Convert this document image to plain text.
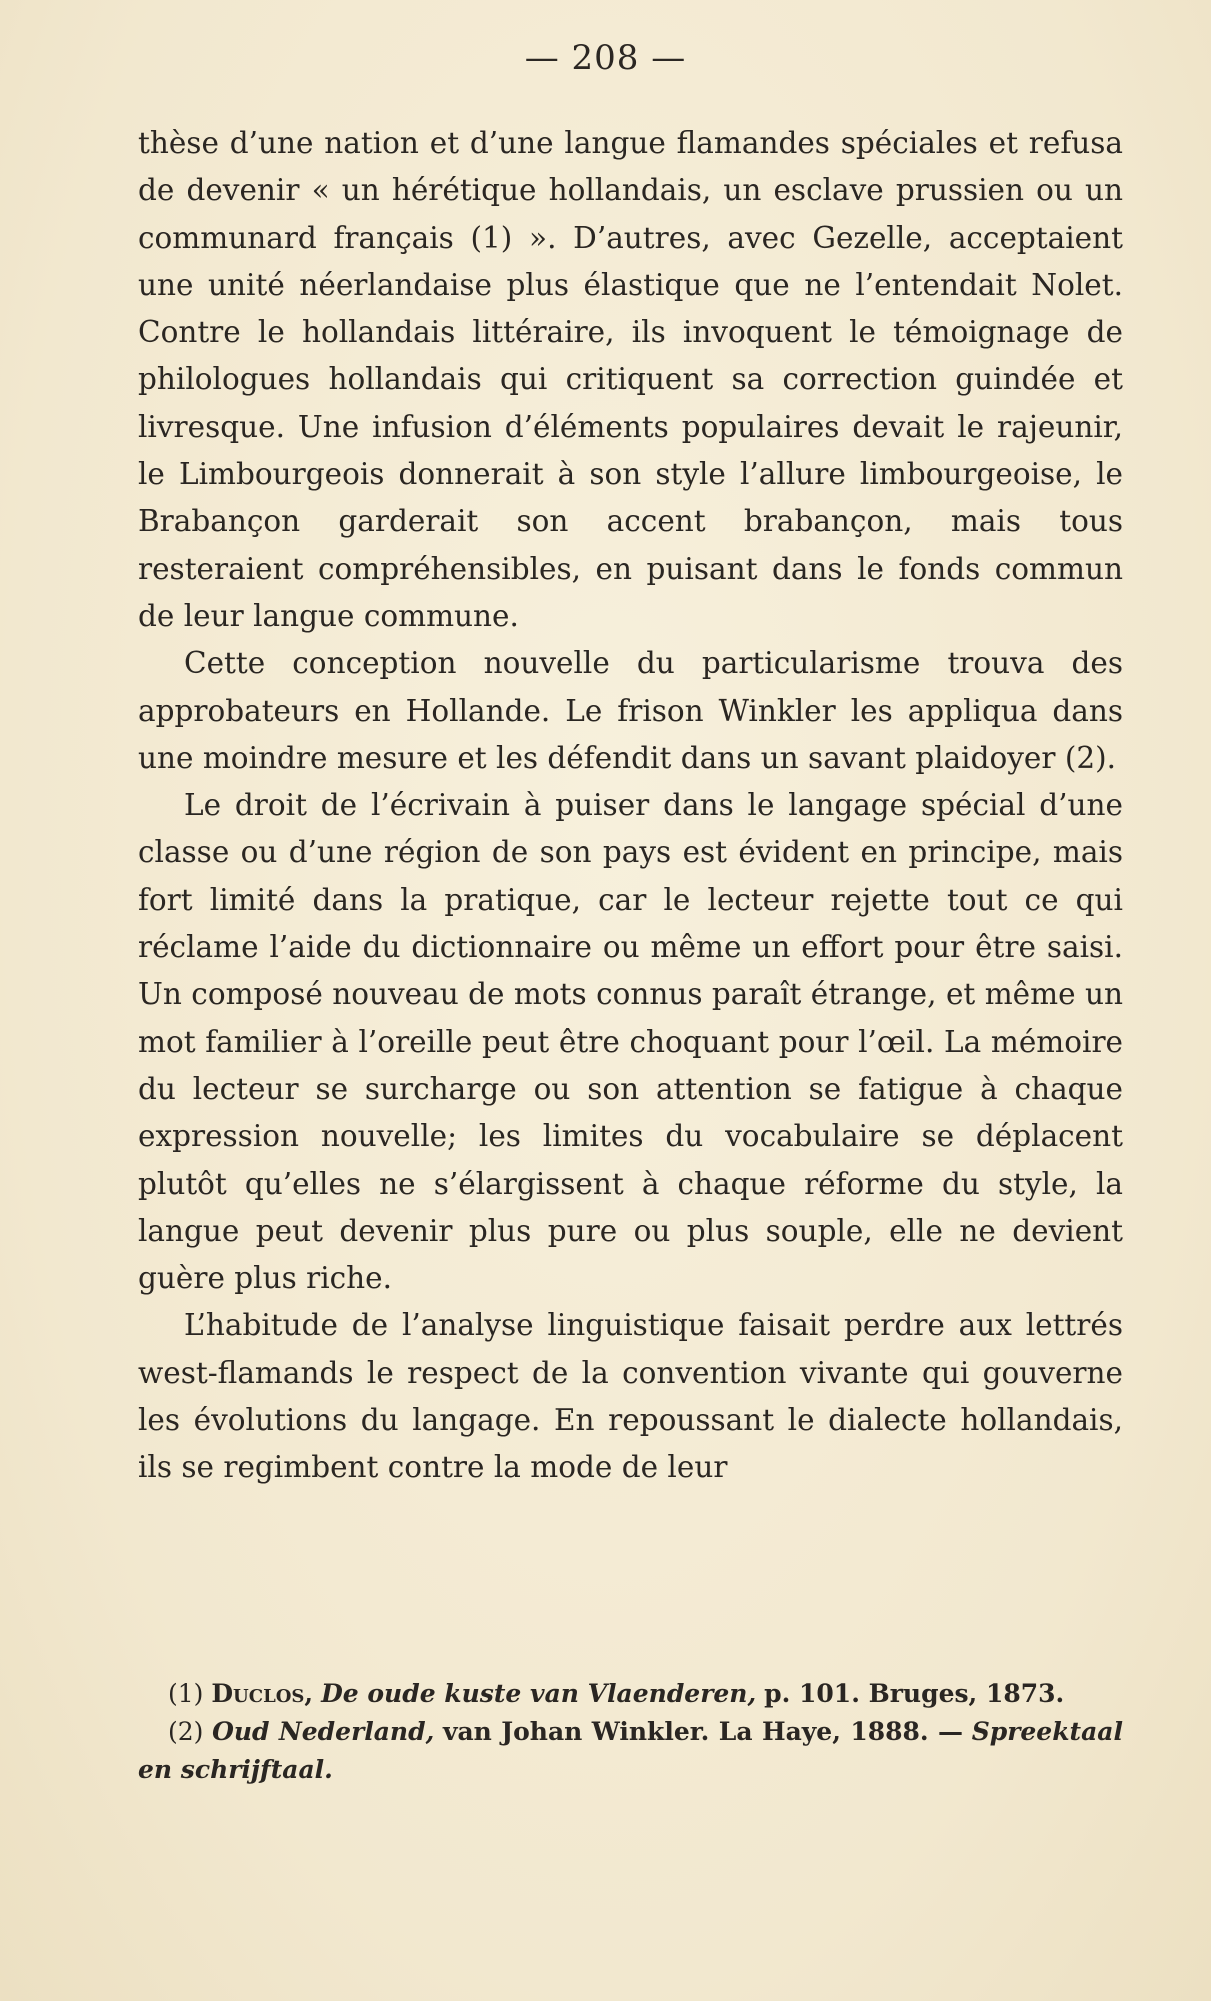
— 208 —

thèse d’une nation et d’une langue flamandes spéciales et refusa de devenir « un hérétique hollandais, un esclave prussien ou un communard français (1) ». D’autres, avec Gezelle, acceptaient une unité néerlandaise plus élastique que ne l’entendait Nolet. Contre le hollandais littéraire, ils invoquent le témoignage de philologues hollandais qui critiquent sa correction guindée et livresque. Une infusion d’éléments populaires devait le rajeunir, le Limbourgeois donnerait à son style l’allure limbourgeoise, le Brabançon garderait son accent brabançon, mais tous resteraient compréhensibles, en puisant dans le fonds commun de leur langue commune.

Cette conception nouvelle du particularisme trouva des approbateurs en Hollande. Le frison Winkler les appliqua dans une moindre mesure et les défendit dans un savant plaidoyer (2).

Le droit de l’écrivain à puiser dans le langage spécial d’une classe ou d’une région de son pays est évident en principe, mais fort limité dans la pratique, car le lecteur rejette tout ce qui réclame l’aide du dictionnaire ou même un effort pour être saisi. Un composé nouveau de mots connus paraît étrange, et même un mot familier à l’oreille peut être choquant pour l’œil. La mémoire du lecteur se surcharge ou son attention se fatigue à chaque expression nouvelle; les limites du vocabulaire se déplacent plutôt qu’elles ne s’élargissent à chaque réforme du style, la langue peut devenir plus pure ou plus souple, elle ne devient guère plus riche.

L’habitude de l’analyse linguistique faisait perdre aux lettrés west-flamands le respect de la convention vivante qui gouverne les évolutions du langage. En repoussant le dialecte hollandais, ils se regimbent contre la mode de leur

(1) Duclos, De oude kuste van Vlaenderen, p. 101. Bruges, 1873.

(2) Oud Nederland, van Johan Winkler. La Haye, 1888. — Spreektaal en schrijftaal.
